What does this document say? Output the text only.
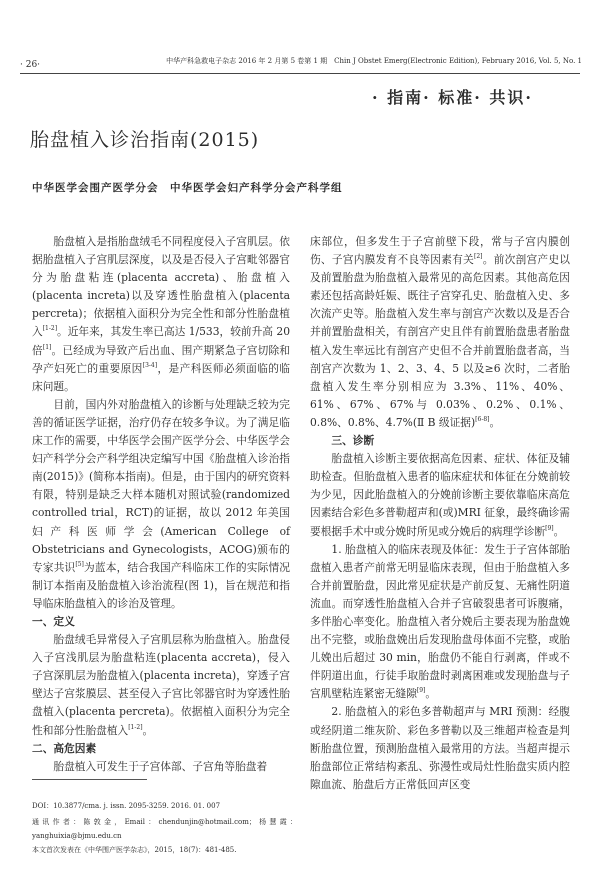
· 26·	中华产科急救电子杂志 2016 年 2 月第 5 卷第 1 期　Chin J Obstet Emerg(Electronic Edition), February 2016, Vol. 5, No. 1
· 指南· 标准· 共识·
胎盘植入诊治指南(2015)
中华医学会围产医学分会　中华医学会妇产科学分会产科学组

胎盘植入是指胎盘绒毛不同程度侵入子宫肌层。依据胎盘植入子宫肌层深度，以及是否侵入子宫毗邻器官分为胎盘粘连(placenta accreta)、胎盘植入(placenta increta)以及穿透性胎盘植入(placenta percreta)；依据植入面积分为完全性和部分性胎盘植入[1-2]。近年来，其发生率已高达 1/533，较前升高 20 倍[1]。已经成为导致产后出血、围产期紧急子宫切除和孕产妇死亡的重要原因[3-4]，是产科医师必须面临的临床问题。

目前，国内外对胎盘植入的诊断与处理缺乏较为完善的循证医学证据，治疗仍存在较多争议。为了满足临床工作的需要，中华医学会围产医学分会、中华医学会妇产科学分会产科学组决定编写中国《胎盘植入诊治指南(2015)》(简称本指南)。但是，由于国内的研究资料有限，特别是缺乏大样本随机对照试验(randomized controlled trial，RCT)的证据，故以 2012 年美国妇产科医师学会(American College of Obstetricians and Gynecologists，ACOG)颁布的专家共识[5]为蓝本，结合我国产科临床工作的实际情况制订本指南及胎盘植入诊治流程(图 1)，旨在规范和指导临床胎盘植入的诊治及管理。

一、定义

胎盘绒毛异常侵入子宫肌层称为胎盘植入。胎盘侵入子宫浅肌层为胎盘粘连(placenta accreta)，侵入子宫深肌层为胎盘植入(placenta increta)，穿透子宫壁达子宫浆膜层、甚至侵入子宫比邻器官时为穿透性胎盘植入(placenta percreta)。依据植入面积分为完全性和部分性胎盘植入[1-2]。

二、高危因素

胎盘植入可发生于子宫体部、子宫角等胎盘着

床部位，但多发生于子宫前壁下段，常与子宫内膜创伤、子宫内膜发育不良等因素有关[2]。前次剖宫产史以及前置胎盘为胎盘植入最常见的高危因素。其他高危因素还包括高龄妊娠、既往子宫穿孔史、胎盘植入史、多次流产史等。胎盘植入发生率与剖宫产次数以及是否合并前置胎盘相关，有剖宫产史且伴有前置胎盘患者胎盘植入发生率远比有剖宫产史但不合并前置胎盘者高，当剖宫产次数为 1、2、3、4、5 以及≥6 次时，二者胎盘植入发生率分别相应为 3.3%、11%、40%、61%、67%、67%与 0.03%、0.2%、0.1%、0.8%、0.8%、4.7%(Ⅱ B 级证据)[6-8]。

三、诊断

胎盘植入诊断主要依据高危因素、症状、体征及辅助检查。但胎盘植入患者的临床症状和体征在分娩前较为少见，因此胎盘植入的分娩前诊断主要依靠临床高危因素结合彩色多普勒超声和(或)MRI 征象，最终确诊需要根据手术中或分娩时所见或分娩后的病理学诊断[9]。

1. 胎盘植入的临床表现及体征：发生于子宫体部胎盘植入患者产前常无明显临床表现，但由于胎盘植入多合并前置胎盘，因此常见症状是产前反复、无痛性阴道流血。而穿透性胎盘植入合并子宫破裂患者可诉腹痛，多伴胎心率变化。胎盘植入者分娩后主要表现为胎盘娩出不完整，或胎盘娩出后发现胎盘母体面不完整，或胎儿娩出后超过 30 min，胎盘仍不能自行剥离，伴或不伴阴道出血，行徒手取胎盘时剥离困难或发现胎盘与子宫肌壁粘连紧密无缝隙[9]。

2. 胎盘植入的彩色多普勒超声与 MRI 预测：经腹或经阴道二维灰阶、彩色多普勒以及三维超声检查是判断胎盘位置，预测胎盘植入最常用的方法。当超声提示胎盘部位正常结构紊乱、弥漫性或局灶性胎盘实质内腔隙血流、胎盘后方正常低回声区变

DOI：10.3877/cma. j. issn. 2095-3259. 2016. 01. 007
通讯作者：陈敦金，Email：chendunjin@hotmail.com；杨慧霞：yanghuixia@bjmu.edu.cn
本文首次发表在《中华围产医学杂志》，2015，18(7)：481-485.
